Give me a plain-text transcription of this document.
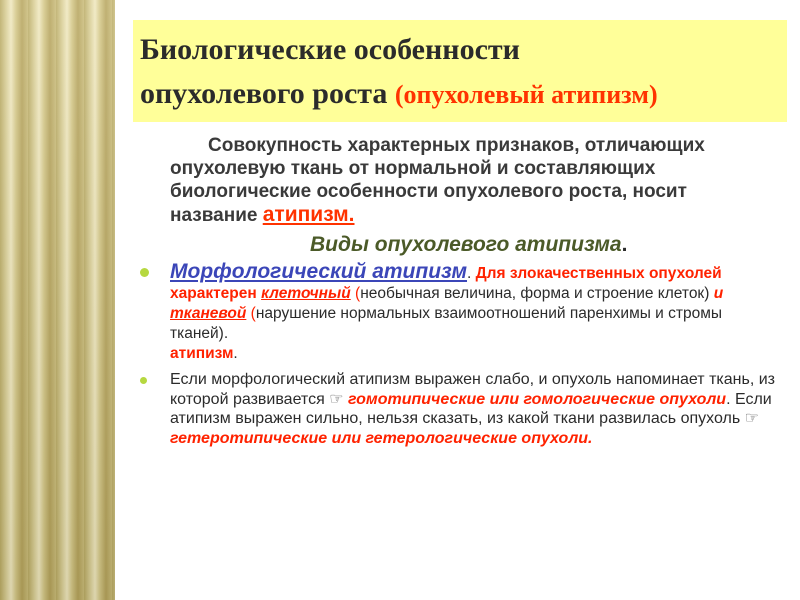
Биологические особенности
опухолевого роста (опухолевый атипизм)
Совокупность характерных признаков, отличающих опухолевую ткань от нормальной и составляющих биологические особенности опухолевого роста, носит название атипизм.
Виды опухолевого атипизма.
Морфологический атипизм. Для злокачественных опухолей характерен клеточный (необычная величина, форма и строение клеток) и тканевой (нарушение нормальных взаимоотношений паренхимы и стромы тканей).
атипизм.
Если морфологический атипизм выражен слабо, и опухоль напоминает ткань, из которой развивается ☞ гомотипические или гомологические опухоли. Если атипизм выражен сильно, нельзя сказать, из какой ткани развилась опухоль ☞ гетеротипические или гетерологические опухоли.
